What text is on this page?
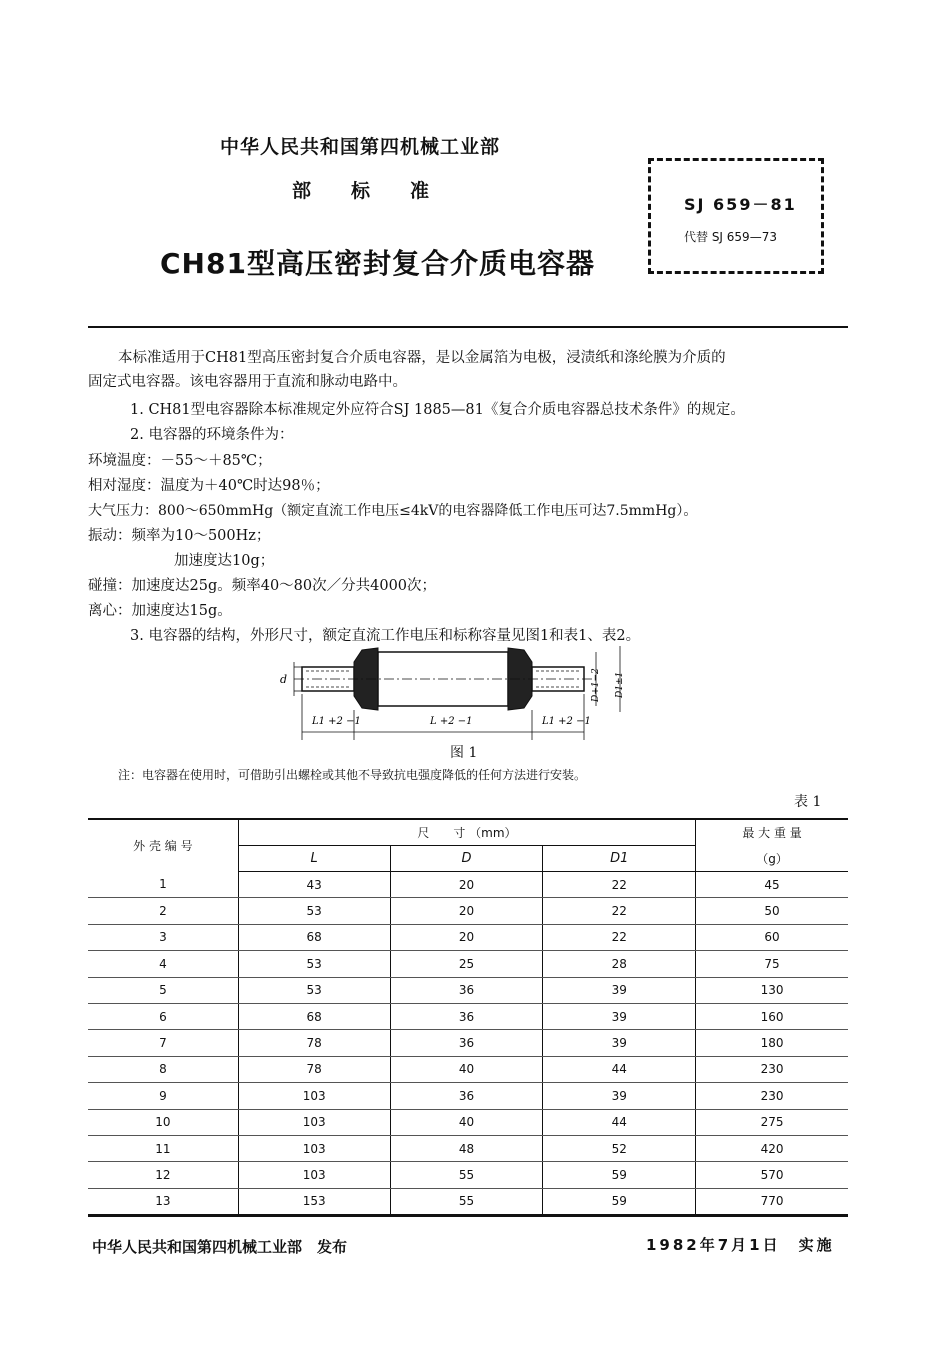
中华人民共和国第四机械工业部
部标准
CH81型高压密封复合介质电容器
SJ 659－81
代替 SJ 659—73
本标准适用于CH81型高压密封复合介质电容器，是以金属箔为电极，浸渍纸和涤纶膜为介质的
固定式电容器。该电容器用于直流和脉动电路中。
1. CH81型电容器除本标准规定外应符合SJ 1885—81《复合介质电容器总技术条件》的规定。
2. 电容器的环境条件为：
环境温度：－55～＋85℃；
相对湿度：温度为＋40℃时达98％；
大气压力：800～650mmHg（额定直流工作电压≤4kV的电容器降低工作电压可达7.5mmHg）。
振动：频率为10～500Hz；
加速度达10g；
碰撞：加速度达25g。频率40～80次／分共4000次；
离心：加速度达15g。
3. 电容器的结构，外形尺寸，额定直流工作电压和标称容量见图1和表1、表2。
d	D+1−2 D1±1
L1 +2 −1	L +2 −1	L1 +2 −1
图 1
注：电容器在使用时，可借助引出螺栓或其他不导致抗电强度降低的任何方法进行安装。
表 1
外 壳 编 号	尺　　寸 （mm）			最 大 重 量
	L	D	D1	（g）
1	43	20	22	45
2	53	20	22	50
3	68	20	22	60
4	53	25	28	75
5	53	36	39	130
6	68	36	39	160
7	78	36	39	180
8	78	40	44	230
9	103	36	39	230
10	103	40	44	275
11	103	48	52	420
12	103	55	59	570
13	153	55	59	770
中华人民共和国第四机械工业部　发布	1982年7月1日　实施
